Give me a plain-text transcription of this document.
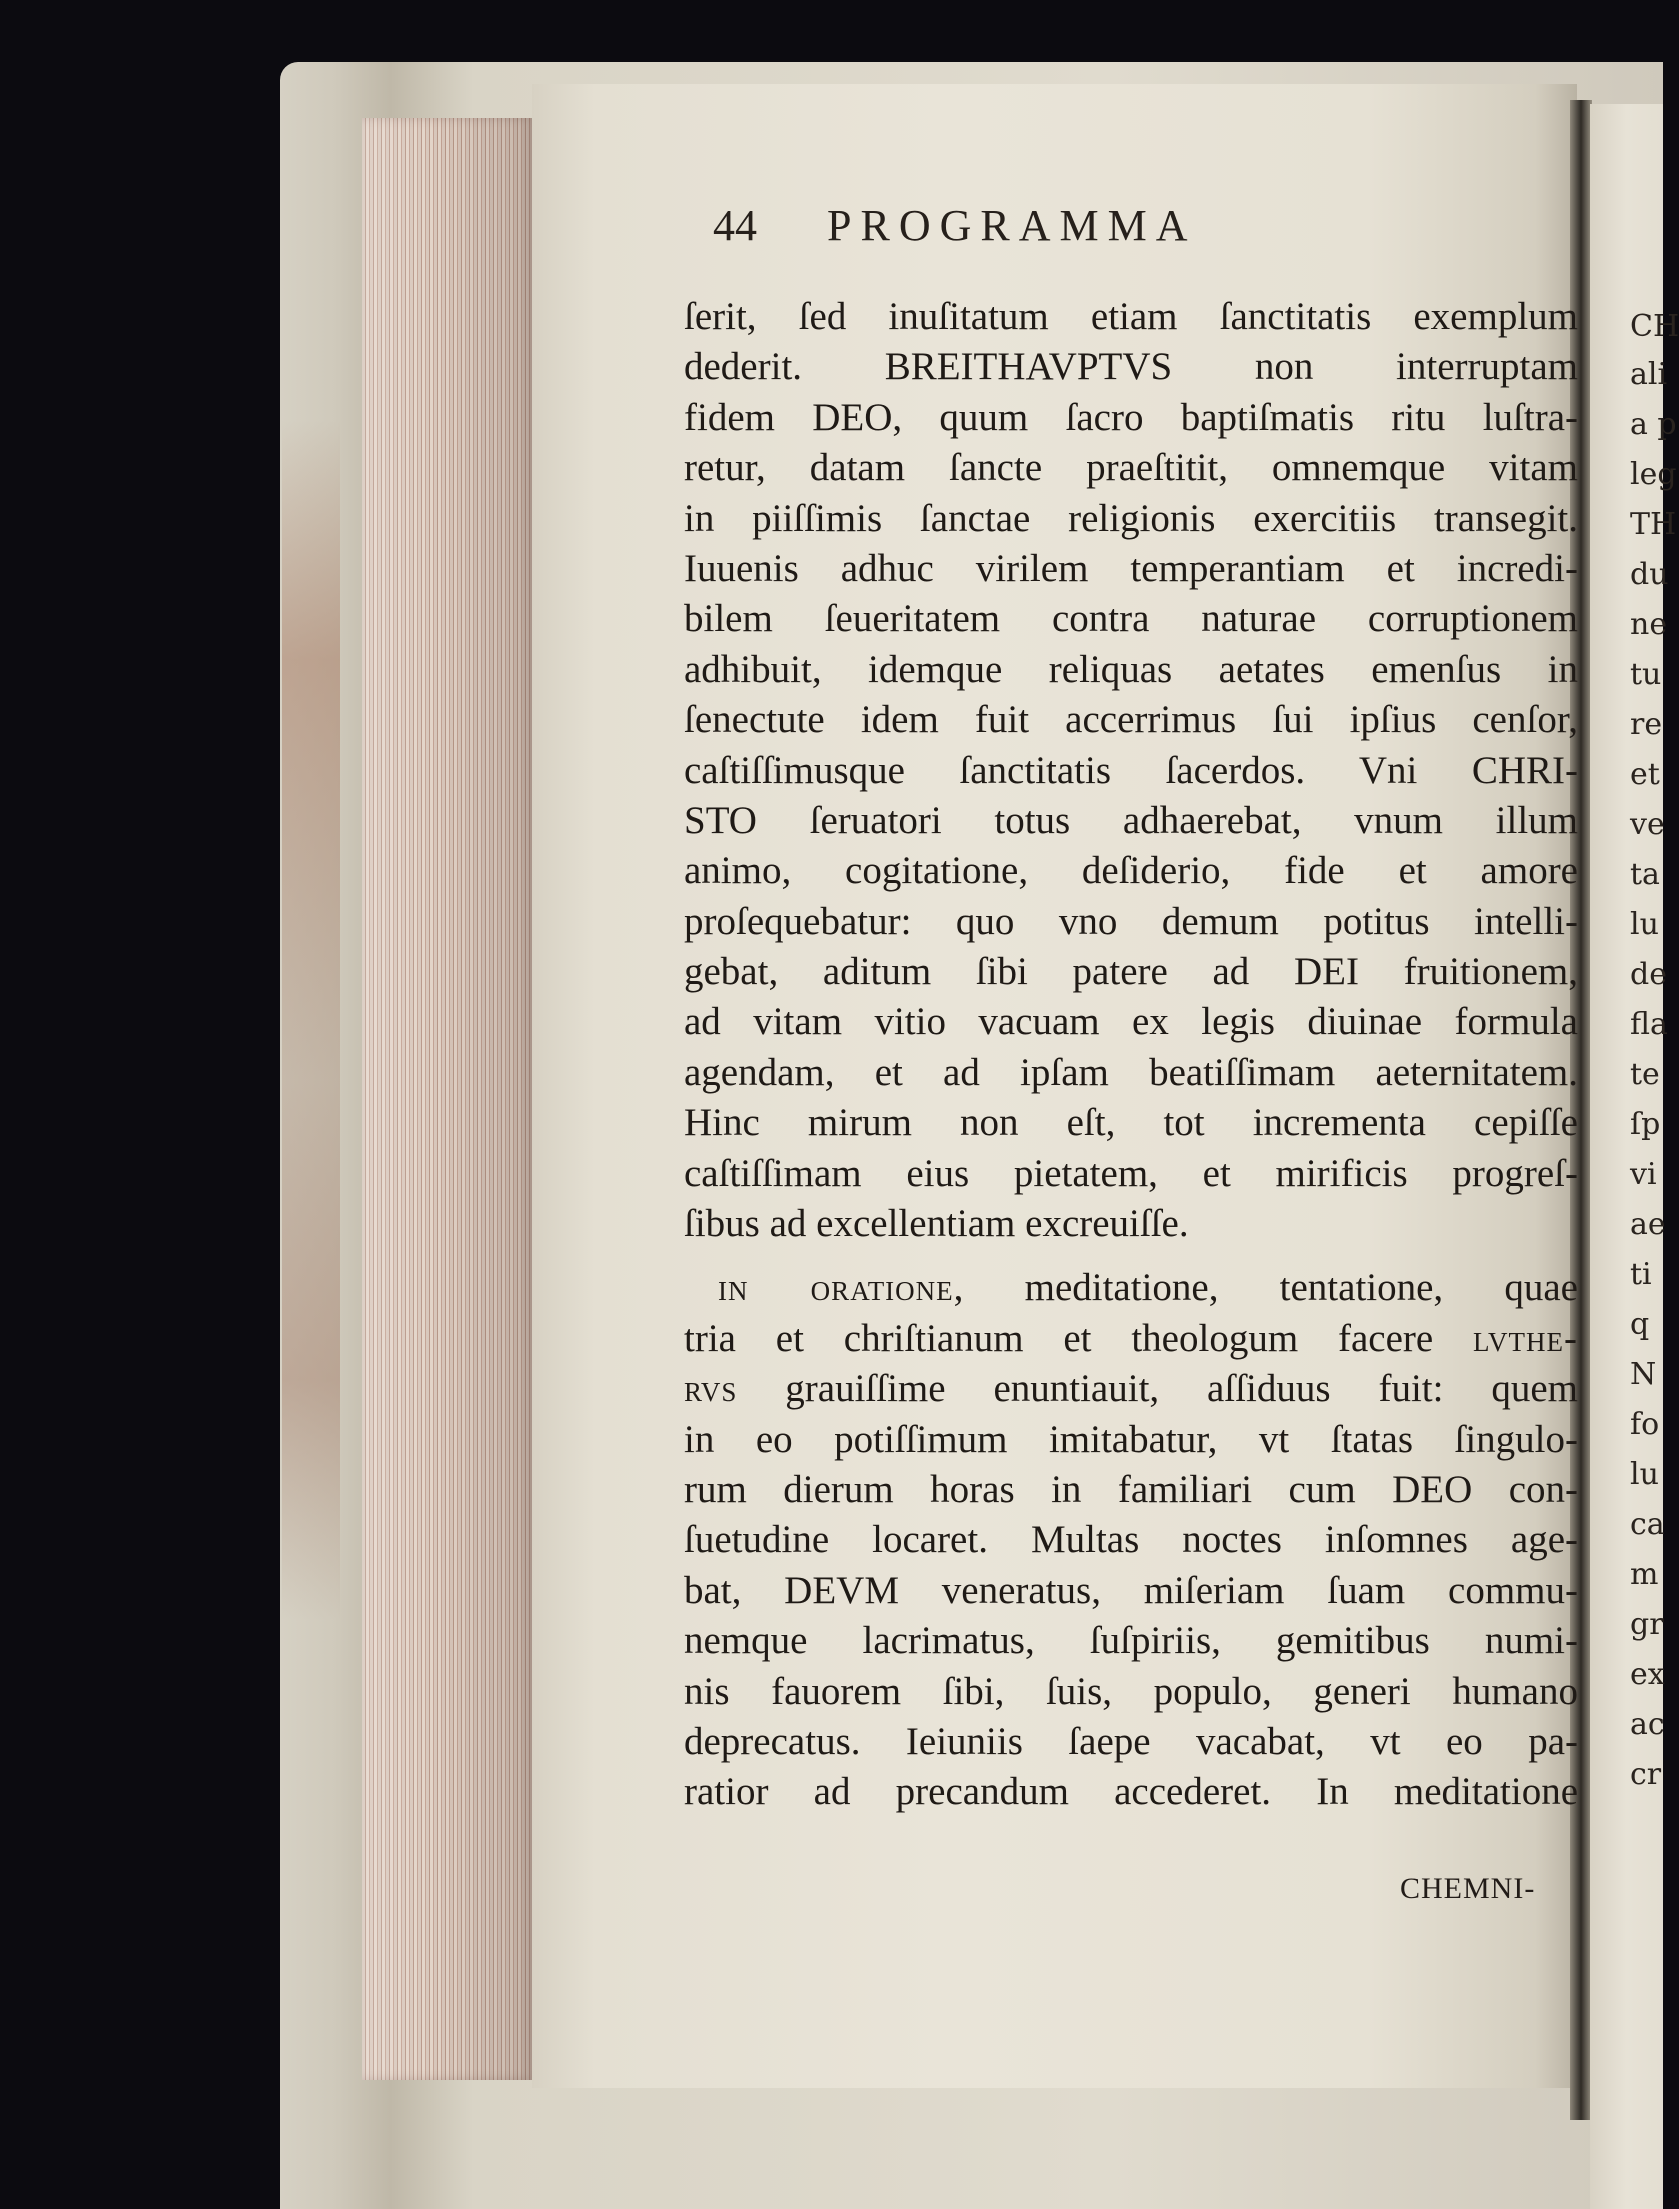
CH
ali
a p
leg
TH
du
ne
tu
re
et
ve
ta
lu
de
fla
te
ſp
vi
ae
ti
q
N
fo
lu
ca
m
gr
ex
ac
cr
44 PROGRAMMA
ſerit, ſed inuſitatum etiam ſanctitatis exemplum
dederit. BREITHAVPTVS non interruptam
fidem DEO, quum ſacro baptiſmatis ritu luſtra-
retur, datam ſancte praeſtitit, omnemque vitam
in piiſſimis ſanctae religionis exercitiis transegit.
Iuuenis adhuc virilem temperantiam et incredi-
bilem ſeueritatem contra naturae corruptionem
adhibuit, idemque reliquas aetates emenſus in
ſenectute idem fuit accerrimus ſui ipſius cenſor,
caſtiſſimusque ſanctitatis ſacerdos. Vni CHRI-
STO ſeruatori totus adhaerebat, vnum illum
animo, cogitatione, deſiderio, fide et amore
proſequebatur: quo vno demum potitus intelli-
gebat, aditum ſibi patere ad DEI fruitionem,
ad vitam vitio vacuam ex legis diuinae formula
agendam, et ad ipſam beatiſſimam aeternitatem.
Hinc mirum non eſt, tot incrementa cepiſſe
caſtiſſimam eius pietatem, et mirificis progreſ-
ſibus ad excellentiam excreuiſſe.
in oratione, meditatione, tentatione, quae
tria et chriſtianum et theologum facere lvthe-
rvs grauiſſime enuntiauit, aſſiduus fuit: quem
in eo potiſſimum imitabatur, vt ſtatas ſingulo-
rum dierum horas in familiari cum DEO con-
ſuetudine locaret. Multas noctes inſomnes age-
bat, DEVM veneratus, miſeriam ſuam commu-
nemque lacrimatus, ſuſpiriis, gemitibus numi-
nis fauorem ſibi, ſuis, populo, generi humano
deprecatus. Ieiuniis ſaepe vacabat, vt eo pa-
ratior ad precandum accederet. In meditatione
CHEMNI-
